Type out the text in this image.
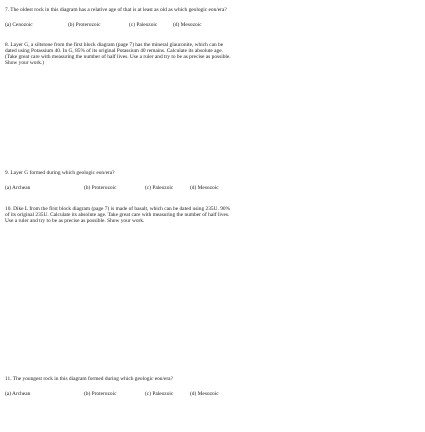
7. The oldest rock in this diagram has a relative age of that is at least as old as which geologic eon/era?
(a) Cenozoic	(b) Proterozoic	(c) Paleozoic	(d) Mesozoic
8. Layer G, a siltstone from the first block diagram (page 7) has the mineral glauconite, which can be
dated using Potassium 40. In G, 85% of its original Potassium 40 remains. Calculate its absolute age.
(Take great care with measuring the number of half lives. Use a ruler and try to be as precise as possible.
Show your work.)
9. Layer G formed during which geologic eon/era?
(a) Archean	(b) Proterozoic	(c) Paleozoic	(d) Mesozoic
10. Dike L from the first block diagram (page 7) is made of basalt, which can be dated using 235U. 90%
of its original 235U. Calculate its absolute age. Take great care with measuring the number of half lives.
Use a ruler and try to be as precise as possible. Show your work.
11. The youngest rock in this diagram formed during which geologic eon/era?
(a) Archean	(b) Proterozoic	(c) Paleozoic	(d) Mesozoic
